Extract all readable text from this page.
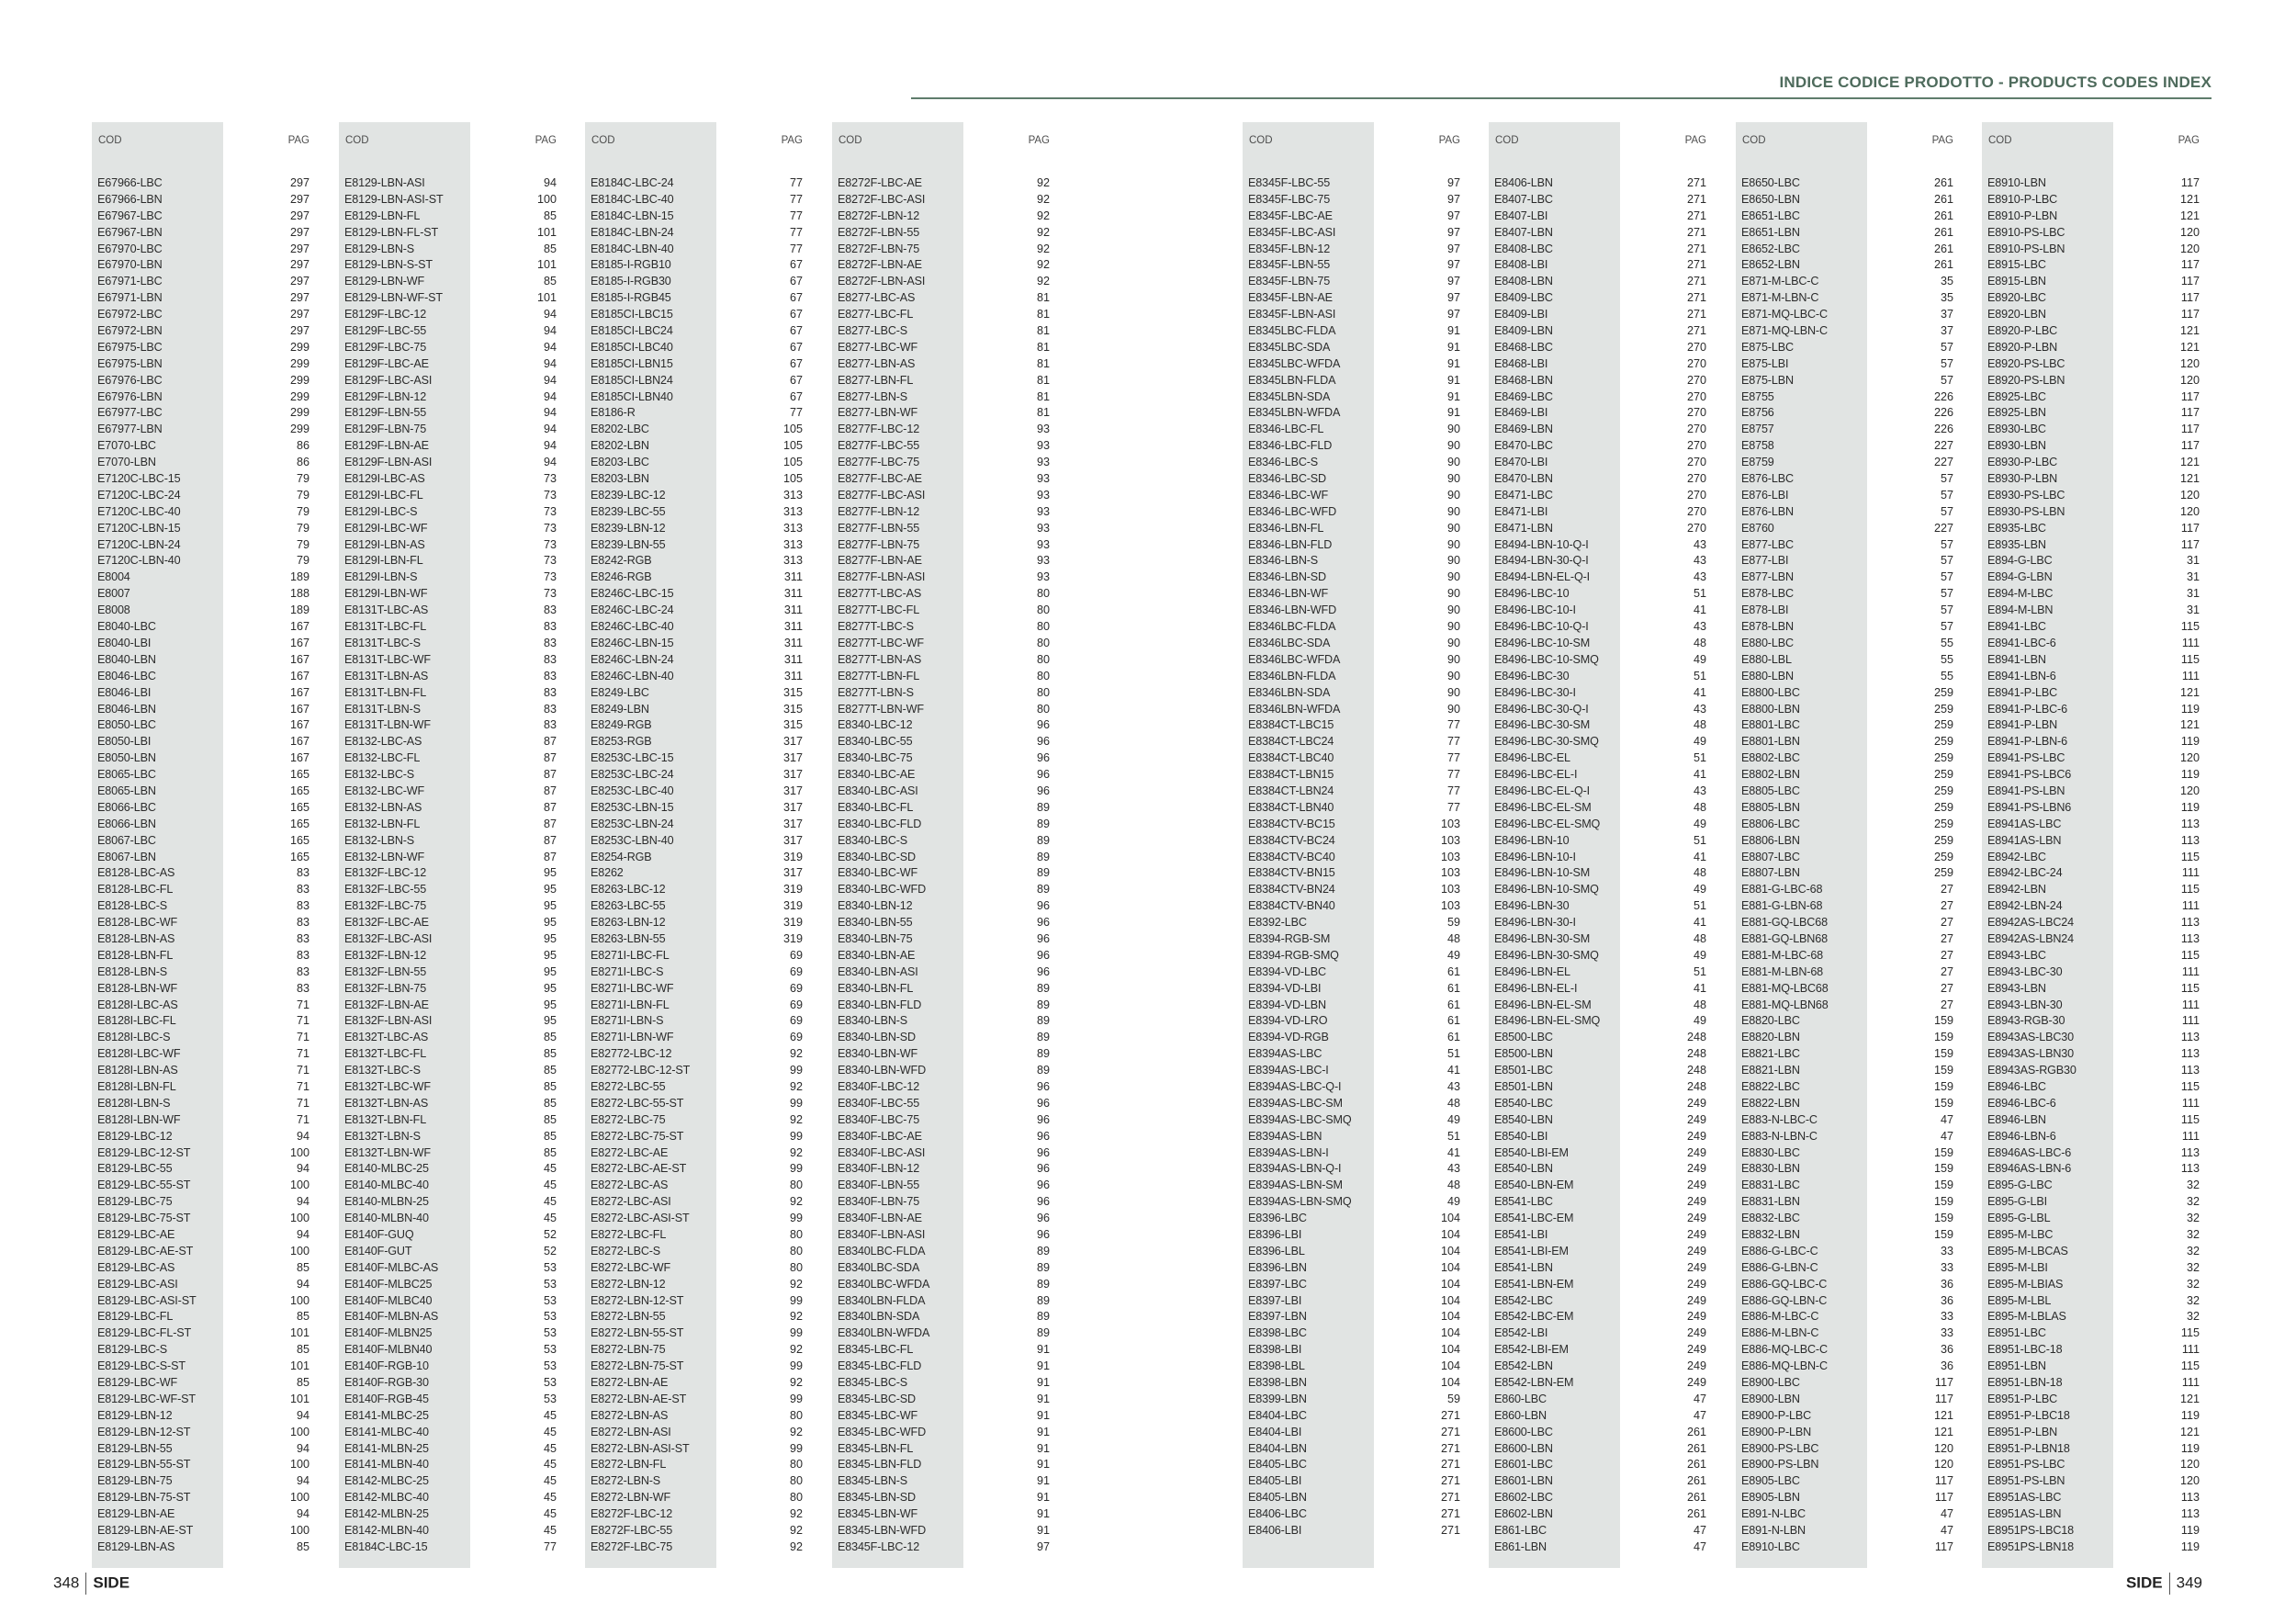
INDICE CODICE PRODOTTO - PRODUCTS CODES INDEX
COD	PAG
E67966-LBC	297
E67966-LBN	297
E67967-LBC	297
E67967-LBN	297
E67970-LBC	297
E67970-LBN	297
E67971-LBC	297
E67971-LBN	297
E67972-LBC	297
E67972-LBN	297
E67975-LBC	299
E67975-LBN	299
E67976-LBC	299
E67976-LBN	299
E67977-LBC	299
E67977-LBN	299
E7070-LBC	86
E7070-LBN	86
E7120C-LBC-15	79
E7120C-LBC-24	79
E7120C-LBC-40	79
E7120C-LBN-15	79
E7120C-LBN-24	79
E7120C-LBN-40	79
E8004	189
E8007	188
E8008	189
E8040-LBC	167
E8040-LBI	167
E8040-LBN	167
E8046-LBC	167
E8046-LBI	167
E8046-LBN	167
E8050-LBC	167
E8050-LBI	167
E8050-LBN	167
E8065-LBC	165
E8065-LBN	165
E8066-LBC	165
E8066-LBN	165
E8067-LBC	165
E8067-LBN	165
E8128-LBC-AS	83
E8128-LBC-FL	83
E8128-LBC-S	83
E8128-LBC-WF	83
E8128-LBN-AS	83
E8128-LBN-FL	83
E8128-LBN-S	83
E8128-LBN-WF	83
E8128I-LBC-AS	71
E8128I-LBC-FL	71
E8128I-LBC-S	71
E8128I-LBC-WF	71
E8128I-LBN-AS	71
E8128I-LBN-FL	71
E8128I-LBN-S	71
E8128I-LBN-WF	71
E8129-LBC-12	94
E8129-LBC-12-ST	100
E8129-LBC-55	94
E8129-LBC-55-ST	100
E8129-LBC-75	94
E8129-LBC-75-ST	100
E8129-LBC-AE	94
E8129-LBC-AE-ST	100
E8129-LBC-AS	85
E8129-LBC-ASI	94
E8129-LBC-ASI-ST	100
E8129-LBC-FL	85
E8129-LBC-FL-ST	101
E8129-LBC-S	85
E8129-LBC-S-ST	101
E8129-LBC-WF	85
E8129-LBC-WF-ST	101
E8129-LBN-12	94
E8129-LBN-12-ST	100
E8129-LBN-55	94
E8129-LBN-55-ST	100
E8129-LBN-75	94
E8129-LBN-75-ST	100
E8129-LBN-AE	94
E8129-LBN-AE-ST	100
E8129-LBN-AS	85
COD	PAG
E8129-LBN-ASI	94
E8129-LBN-ASI-ST	100
E8129-LBN-FL	85
E8129-LBN-FL-ST	101
E8129-LBN-S	85
E8129-LBN-S-ST	101
E8129-LBN-WF	85
E8129-LBN-WF-ST	101
E8129F-LBC-12	94
E8129F-LBC-55	94
E8129F-LBC-75	94
E8129F-LBC-AE	94
E8129F-LBC-ASI	94
E8129F-LBN-12	94
E8129F-LBN-55	94
E8129F-LBN-75	94
E8129F-LBN-AE	94
E8129F-LBN-ASI	94
E8129I-LBC-AS	73
E8129I-LBC-FL	73
E8129I-LBC-S	73
E8129I-LBC-WF	73
E8129I-LBN-AS	73
E8129I-LBN-FL	73
E8129I-LBN-S	73
E8129I-LBN-WF	73
E8131T-LBC-AS	83
E8131T-LBC-FL	83
E8131T-LBC-S	83
E8131T-LBC-WF	83
E8131T-LBN-AS	83
E8131T-LBN-FL	83
E8131T-LBN-S	83
E8131T-LBN-WF	83
E8132-LBC-AS	87
E8132-LBC-FL	87
E8132-LBC-S	87
E8132-LBC-WF	87
E8132-LBN-AS	87
E8132-LBN-FL	87
E8132-LBN-S	87
E8132-LBN-WF	87
E8132F-LBC-12	95
E8132F-LBC-55	95
E8132F-LBC-75	95
E8132F-LBC-AE	95
E8132F-LBC-ASI	95
E8132F-LBN-12	95
E8132F-LBN-55	95
E8132F-LBN-75	95
E8132F-LBN-AE	95
E8132F-LBN-ASI	95
E8132T-LBC-AS	85
E8132T-LBC-FL	85
E8132T-LBC-S	85
E8132T-LBC-WF	85
E8132T-LBN-AS	85
E8132T-LBN-FL	85
E8132T-LBN-S	85
E8132T-LBN-WF	85
E8140-MLBC-25	45
E8140-MLBC-40	45
E8140-MLBN-25	45
E8140-MLBN-40	45
E8140F-GUQ	52
E8140F-GUT	52
E8140F-MLBC-AS	53
E8140F-MLBC25	53
E8140F-MLBC40	53
E8140F-MLBN-AS	53
E8140F-MLBN25	53
E8140F-MLBN40	53
E8140F-RGB-10	53
E8140F-RGB-30	53
E8140F-RGB-45	53
E8141-MLBC-25	45
E8141-MLBC-40	45
E8141-MLBN-25	45
E8141-MLBN-40	45
E8142-MLBC-25	45
E8142-MLBC-40	45
E8142-MLBN-25	45
E8142-MLBN-40	45
E8184C-LBC-15	77
COD	PAG
E8184C-LBC-24	77
E8184C-LBC-40	77
E8184C-LBN-15	77
E8184C-LBN-24	77
E8184C-LBN-40	77
E8185-I-RGB10	67
E8185-I-RGB30	67
E8185-I-RGB45	67
E8185CI-LBC15	67
E8185CI-LBC24	67
E8185CI-LBC40	67
E8185CI-LBN15	67
E8185CI-LBN24	67
E8185CI-LBN40	67
E8186-R	77
E8202-LBC	105
E8202-LBN	105
E8203-LBC	105
E8203-LBN	105
E8239-LBC-12	313
E8239-LBC-55	313
E8239-LBN-12	313
E8239-LBN-55	313
E8242-RGB	313
E8246-RGB	311
E8246C-LBC-15	311
E8246C-LBC-24	311
E8246C-LBC-40	311
E8246C-LBN-15	311
E8246C-LBN-24	311
E8246C-LBN-40	311
E8249-LBC	315
E8249-LBN	315
E8249-RGB	315
E8253-RGB	317
E8253C-LBC-15	317
E8253C-LBC-24	317
E8253C-LBC-40	317
E8253C-LBN-15	317
E8253C-LBN-24	317
E8253C-LBN-40	317
E8254-RGB	319
E8262	317
E8263-LBC-12	319
E8263-LBC-55	319
E8263-LBN-12	319
E8263-LBN-55	319
E8271I-LBC-FL	69
E8271I-LBC-S	69
E8271I-LBC-WF	69
E8271I-LBN-FL	69
E8271I-LBN-S	69
E8271I-LBN-WF	69
E82772-LBC-12	92
E82772-LBC-12-ST	99
E8272-LBC-55	92
E8272-LBC-55-ST	99
E8272-LBC-75	92
E8272-LBC-75-ST	99
E8272-LBC-AE	92
E8272-LBC-AE-ST	99
E8272-LBC-AS	80
E8272-LBC-ASI	92
E8272-LBC-ASI-ST	99
E8272-LBC-FL	80
E8272-LBC-S	80
E8272-LBC-WF	80
E8272-LBN-12	92
E8272-LBN-12-ST	99
E8272-LBN-55	92
E8272-LBN-55-ST	99
E8272-LBN-75	92
E8272-LBN-75-ST	99
E8272-LBN-AE	92
E8272-LBN-AE-ST	99
E8272-LBN-AS	80
E8272-LBN-ASI	92
E8272-LBN-ASI-ST	99
E8272-LBN-FL	80
E8272-LBN-S	80
E8272-LBN-WF	80
E8272F-LBC-12	92
E8272F-LBC-55	92
E8272F-LBC-75	92
COD	PAG
E8272F-LBC-AE	92
E8272F-LBC-ASI	92
E8272F-LBN-12	92
E8272F-LBN-55	92
E8272F-LBN-75	92
E8272F-LBN-AE	92
E8272F-LBN-ASI	92
E8277-LBC-AS	81
E8277-LBC-FL	81
E8277-LBC-S	81
E8277-LBC-WF	81
E8277-LBN-AS	81
E8277-LBN-FL	81
E8277-LBN-S	81
E8277-LBN-WF	81
E8277F-LBC-12	93
E8277F-LBC-55	93
E8277F-LBC-75	93
E8277F-LBC-AE	93
E8277F-LBC-ASI	93
E8277F-LBN-12	93
E8277F-LBN-55	93
E8277F-LBN-75	93
E8277F-LBN-AE	93
E8277F-LBN-ASI	93
E8277T-LBC-AS	80
E8277T-LBC-FL	80
E8277T-LBC-S	80
E8277T-LBC-WF	80
E8277T-LBN-AS	80
E8277T-LBN-FL	80
E8277T-LBN-S	80
E8277T-LBN-WF	80
E8340-LBC-12	96
E8340-LBC-55	96
E8340-LBC-75	96
E8340-LBC-AE	96
E8340-LBC-ASI	96
E8340-LBC-FL	89
E8340-LBC-FLD	89
E8340-LBC-S	89
E8340-LBC-SD	89
E8340-LBC-WF	89
E8340-LBC-WFD	89
E8340-LBN-12	96
E8340-LBN-55	96
E8340-LBN-75	96
E8340-LBN-AE	96
E8340-LBN-ASI	96
E8340-LBN-FL	89
E8340-LBN-FLD	89
E8340-LBN-S	89
E8340-LBN-SD	89
E8340-LBN-WF	89
E8340-LBN-WFD	89
E8340F-LBC-12	96
E8340F-LBC-55	96
E8340F-LBC-75	96
E8340F-LBC-AE	96
E8340F-LBC-ASI	96
E8340F-LBN-12	96
E8340F-LBN-55	96
E8340F-LBN-75	96
E8340F-LBN-AE	96
E8340F-LBN-ASI	96
E8340LBC-FLDA	89
E8340LBC-SDA	89
E8340LBC-WFDA	89
E8340LBN-FLDA	89
E8340LBN-SDA	89
E8340LBN-WFDA	89
E8345-LBC-FL	91
E8345-LBC-FLD	91
E8345-LBC-S	91
E8345-LBC-SD	91
E8345-LBC-WF	91
E8345-LBC-WFD	91
E8345-LBN-FL	91
E8345-LBN-FLD	91
E8345-LBN-S	91
E8345-LBN-SD	91
E8345-LBN-WF	91
E8345-LBN-WFD	91
E8345F-LBC-12	97
COD	PAG
E8345F-LBC-55	97
E8345F-LBC-75	97
E8345F-LBC-AE	97
E8345F-LBC-ASI	97
E8345F-LBN-12	97
E8345F-LBN-55	97
E8345F-LBN-75	97
E8345F-LBN-AE	97
E8345F-LBN-ASI	97
E8345LBC-FLDA	91
E8345LBC-SDA	91
E8345LBC-WFDA	91
E8345LBN-FLDA	91
E8345LBN-SDA	91
E8345LBN-WFDA	91
E8346-LBC-FL	90
E8346-LBC-FLD	90
E8346-LBC-S	90
E8346-LBC-SD	90
E8346-LBC-WF	90
E8346-LBC-WFD	90
E8346-LBN-FL	90
E8346-LBN-FLD	90
E8346-LBN-S	90
E8346-LBN-SD	90
E8346-LBN-WF	90
E8346-LBN-WFD	90
E8346LBC-FLDA	90
E8346LBC-SDA	90
E8346LBC-WFDA	90
E8346LBN-FLDA	90
E8346LBN-SDA	90
E8346LBN-WFDA	90
E8384CT-LBC15	77
E8384CT-LBC24	77
E8384CT-LBC40	77
E8384CT-LBN15	77
E8384CT-LBN24	77
E8384CT-LBN40	77
E8384CTV-BC15	103
E8384CTV-BC24	103
E8384CTV-BC40	103
E8384CTV-BN15	103
E8384CTV-BN24	103
E8384CTV-BN40	103
E8392-LBC	59
E8394-RGB-SM	48
E8394-RGB-SMQ	49
E8394-VD-LBC	61
E8394-VD-LBI	61
E8394-VD-LBN	61
E8394-VD-LRO	61
E8394-VD-RGB	61
E8394AS-LBC	51
E8394AS-LBC-I	41
E8394AS-LBC-Q-I	43
E8394AS-LBC-SM	48
E8394AS-LBC-SMQ	49
E8394AS-LBN	51
E8394AS-LBN-I	41
E8394AS-LBN-Q-I	43
E8394AS-LBN-SM	48
E8394AS-LBN-SMQ	49
E8396-LBC	104
E8396-LBI	104
E8396-LBL	104
E8396-LBN	104
E8397-LBC	104
E8397-LBI	104
E8397-LBN	104
E8398-LBC	104
E8398-LBI	104
E8398-LBL	104
E8398-LBN	104
E8399-LBN	59
E8404-LBC	271
E8404-LBI	271
E8404-LBN	271
E8405-LBC	271
E8405-LBI	271
E8405-LBN	271
E8406-LBC	271
E8406-LBI	271
COD	PAG
E8406-LBN	271
E8407-LBC	271
E8407-LBI	271
E8407-LBN	271
E8408-LBC	271
E8408-LBI	271
E8408-LBN	271
E8409-LBC	271
E8409-LBI	271
E8409-LBN	271
E8468-LBC	270
E8468-LBI	270
E8468-LBN	270
E8469-LBC	270
E8469-LBI	270
E8469-LBN	270
E8470-LBC	270
E8470-LBI	270
E8470-LBN	270
E8471-LBC	270
E8471-LBI	270
E8471-LBN	270
E8494-LBN-10-Q-I	43
E8494-LBN-30-Q-I	43
E8494-LBN-EL-Q-I	43
E8496-LBC-10	51
E8496-LBC-10-I	41
E8496-LBC-10-Q-I	43
E8496-LBC-10-SM	48
E8496-LBC-10-SMQ	49
E8496-LBC-30	51
E8496-LBC-30-I	41
E8496-LBC-30-Q-I	43
E8496-LBC-30-SM	48
E8496-LBC-30-SMQ	49
E8496-LBC-EL	51
E8496-LBC-EL-I	41
E8496-LBC-EL-Q-I	43
E8496-LBC-EL-SM	48
E8496-LBC-EL-SMQ	49
E8496-LBN-10	51
E8496-LBN-10-I	41
E8496-LBN-10-SM	48
E8496-LBN-10-SMQ	49
E8496-LBN-30	51
E8496-LBN-30-I	41
E8496-LBN-30-SM	48
E8496-LBN-30-SMQ	49
E8496-LBN-EL	51
E8496-LBN-EL-I	41
E8496-LBN-EL-SM	48
E8496-LBN-EL-SMQ	49
E8500-LBC	248
E8500-LBN	248
E8501-LBC	248
E8501-LBN	248
E8540-LBC	249
E8540-LBN	249
E8540-LBI	249
E8540-LBI-EM	249
E8540-LBN	249
E8540-LBN-EM	249
E8541-LBC	249
E8541-LBC-EM	249
E8541-LBI	249
E8541-LBI-EM	249
E8541-LBN	249
E8541-LBN-EM	249
E8542-LBC	249
E8542-LBC-EM	249
E8542-LBI	249
E8542-LBI-EM	249
E8542-LBN	249
E8542-LBN-EM	249
E860-LBC	47
E860-LBN	47
E8600-LBC	261
E8600-LBN	261
E8601-LBC	261
E8601-LBN	261
E8602-LBC	261
E8602-LBN	261
E861-LBC	47
E861-LBN	47
COD	PAG
E8650-LBC	261
E8650-LBN	261
E8651-LBC	261
E8651-LBN	261
E8652-LBC	261
E8652-LBN	261
E871-M-LBC-C	35
E871-M-LBN-C	35
E871-MQ-LBC-C	37
E871-MQ-LBN-C	37
E875-LBC	57
E875-LBI	57
E875-LBN	57
E8755	226
E8756	226
E8757	226
E8758	227
E8759	227
E876-LBC	57
E876-LBI	57
E876-LBN	57
E8760	227
E877-LBC	57
E877-LBI	57
E877-LBN	57
E878-LBC	57
E878-LBI	57
E878-LBN	57
E880-LBC	55
E880-LBL	55
E880-LBN	55
E8800-LBC	259
E8800-LBN	259
E8801-LBC	259
E8801-LBN	259
E8802-LBC	259
E8802-LBN	259
E8805-LBC	259
E8805-LBN	259
E8806-LBC	259
E8806-LBN	259
E8807-LBC	259
E8807-LBN	259
E881-G-LBC-68	27
E881-G-LBN-68	27
E881-GQ-LBC68	27
E881-GQ-LBN68	27
E881-M-LBC-68	27
E881-M-LBN-68	27
E881-MQ-LBC68	27
E881-MQ-LBN68	27
E8820-LBC	159
E8820-LBN	159
E8821-LBC	159
E8821-LBN	159
E8822-LBC	159
E8822-LBN	159
E883-N-LBC-C	47
E883-N-LBN-C	47
E8830-LBC	159
E8830-LBN	159
E8831-LBC	159
E8831-LBN	159
E8832-LBC	159
E8832-LBN	159
E886-G-LBC-C	33
E886-G-LBN-C	33
E886-GQ-LBC-C	36
E886-GQ-LBN-C	36
E886-M-LBC-C	33
E886-M-LBN-C	33
E886-MQ-LBC-C	36
E886-MQ-LBN-C	36
E8900-LBC	117
E8900-LBN	117
E8900-P-LBC	121
E8900-P-LBN	121
E8900-PS-LBC	120
E8900-PS-LBN	120
E8905-LBC	117
E8905-LBN	117
E891-N-LBC	47
E891-N-LBN	47
E8910-LBC	117
COD	PAG
E8910-LBN	117
E8910-P-LBC	121
E8910-P-LBN	121
E8910-PS-LBC	120
E8910-PS-LBN	120
E8915-LBC	117
E8915-LBN	117
E8920-LBC	117
E8920-LBN	117
E8920-P-LBC	121
E8920-P-LBN	121
E8920-PS-LBC	120
E8920-PS-LBN	120
E8925-LBC	117
E8925-LBN	117
E8930-LBC	117
E8930-LBN	117
E8930-P-LBC	121
E8930-P-LBN	121
E8930-PS-LBC	120
E8930-PS-LBN	120
E8935-LBC	117
E8935-LBN	117
E894-G-LBC	31
E894-G-LBN	31
E894-M-LBC	31
E894-M-LBN	31
E8941-LBC	115
E8941-LBC-6	111
E8941-LBN	115
E8941-LBN-6	111
E8941-P-LBC	121
E8941-P-LBC-6	119
E8941-P-LBN	121
E8941-P-LBN-6	119
E8941-PS-LBC	120
E8941-PS-LBC6	119
E8941-PS-LBN	120
E8941-PS-LBN6	119
E8941AS-LBC	113
E8941AS-LBN	113
E8942-LBC	115
E8942-LBC-24	111
E8942-LBN	115
E8942-LBN-24	111
E8942AS-LBC24	113
E8942AS-LBN24	113
E8943-LBC	115
E8943-LBC-30	111
E8943-LBN	115
E8943-LBN-30	111
E8943-RGB-30	111
E8943AS-LBC30	113
E8943AS-LBN30	113
E8943AS-RGB30	113
E8946-LBC	115
E8946-LBC-6	111
E8946-LBN	115
E8946-LBN-6	111
E8946AS-LBC-6	113
E8946AS-LBN-6	113
E895-G-LBC	32
E895-G-LBI	32
E895-G-LBL	32
E895-M-LBC	32
E895-M-LBCAS	32
E895-M-LBI	32
E895-M-LBIAS	32
E895-M-LBL	32
E895-M-LBLAS	32
E8951-LBC	115
E8951-LBC-18	111
E8951-LBN	115
E8951-LBN-18	111
E8951-P-LBC	121
E8951-P-LBC18	119
E8951-P-LBN	121
E8951-P-LBN18	119
E8951-PS-LBC	120
E8951-PS-LBN	120
E8951AS-LBC	113
E8951AS-LBN	113
E8951PS-LBC18	119
E8951PS-LBN18	119
348 SIDE	SIDE 349
